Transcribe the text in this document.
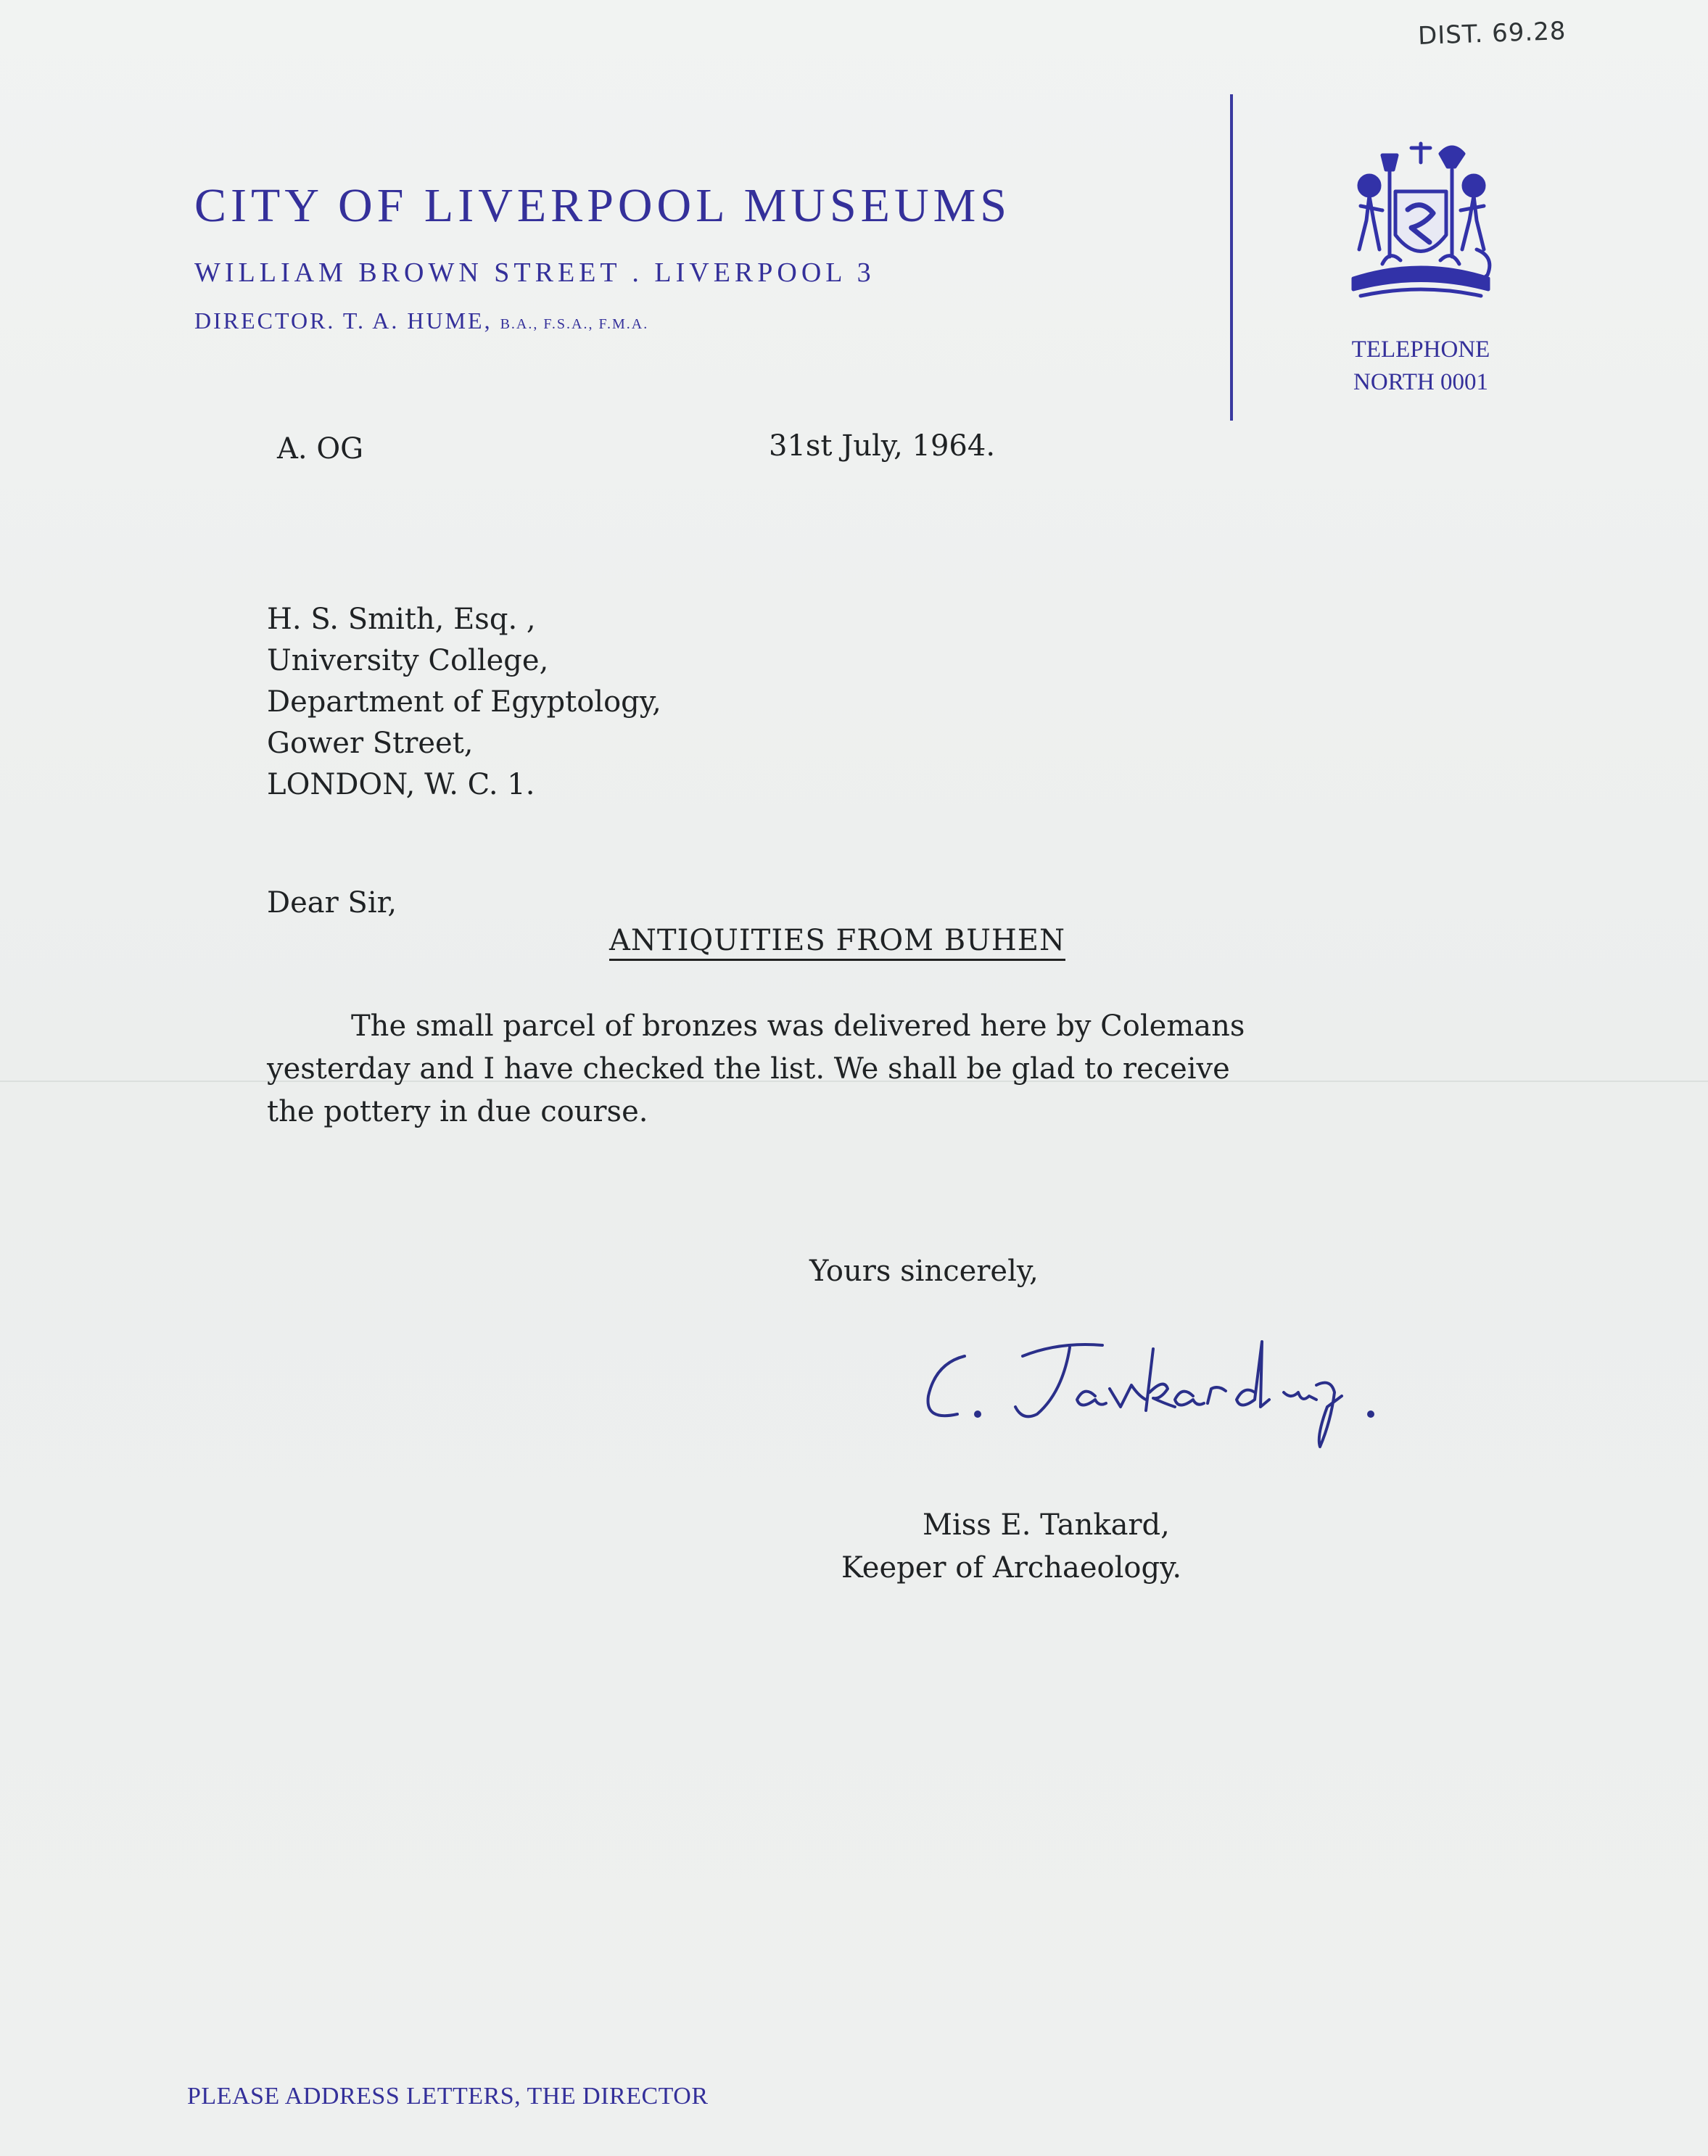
DIST. 69.28
CITY OF LIVERPOOL MUSEUMS
WILLIAM BROWN STREET . LIVERPOOL 3
DIRECTOR. T. A. HUME, B.A., F.S.A., F.M.A.
TELEPHONE
NORTH 0001
A. OG	31st July, 1964.
H. S. Smith, Esq. ,
University College,
Department of Egyptology,
Gower Street,
LONDON, W. C. 1.
Dear Sir,
ANTIQUITIES FROM BUHEN
The small parcel of bronzes was delivered here by Colemans
yesterday and I have checked the list. We shall be glad to receive
the pottery in due course.
Yours sincerely,
Miss E. Tankard,
Keeper of Archaeology.
PLEASE ADDRESS LETTERS, THE DIRECTOR
